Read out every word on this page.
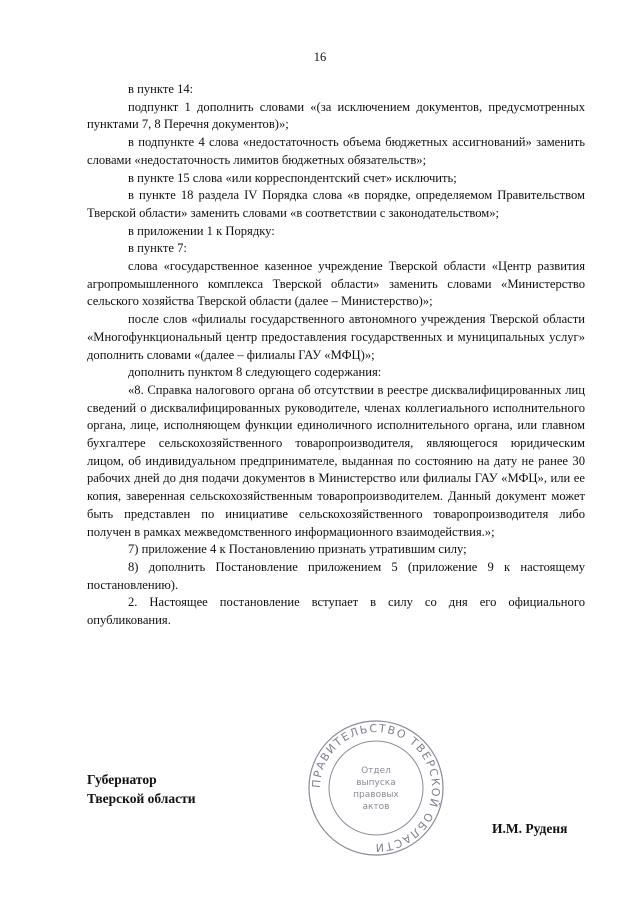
16

в пункте 14:

подпункт 1 дополнить словами «(за исключением документов, предусмотренных пунктами 7, 8 Перечня документов)»;

в подпункте 4 слова «недостаточность объема бюджетных ассигнований» заменить словами «недостаточность лимитов бюджетных обязательств»;

в пункте 15 слова «или корреспондентский счет» исключить;

в пункте 18 раздела IV Порядка слова «в порядке, определяемом Правительством Тверской области» заменить словами «в соответствии с законодательством»;

в приложении 1 к Порядку:

в пункте 7:

слова «государственное казенное учреждение Тверской области «Центр развития агропромышленного комплекса Тверской области» заменить словами «Министерство сельского хозяйства Тверской области (далее – Министерство)»;

после слов «филиалы государственного автономного учреждения Тверской области «Многофункциональный центр предоставления государственных и муниципальных услуг» дополнить словами «(далее – филиалы ГАУ «МФЦ)»;

дополнить пунктом 8 следующего содержания:

«8. Справка налогового органа об отсутствии в реестре дисквалифицированных лиц сведений о дисквалифицированных руководителе, членах коллегиального исполнительного органа, лице, исполняющем функции единоличного исполнительного органа, или главном бухгалтере сельскохозяйственного товаропроизводителя, являющегося юридическим лицом, об индивидуальном предпринимателе, выданная по состоянию на дату не ранее 30 рабочих дней до дня подачи документов в Министерство или филиалы ГАУ «МФЦ», или ее копия, заверенная сельскохозяйственным товаропроизводителем. Данный документ может быть представлен по инициативе сельскохозяйственного товаропроизводителя либо получен в рамках межведомственного информационного взаимодействия.»;

7) приложение 4 к Постановлению признать утратившим силу;

8) дополнить Постановление приложением 5 (приложение 9 к настоящему постановлению).

2. Настоящее постановление вступает в силу со дня его официального опубликования.

Губернатор
Тверской области
ПРАВИТЕЛЬСТВО ТВЕРСКОЙ ОБЛАСТИ
Отдел
выпуска
правовых
актов
И.М. Руденя
